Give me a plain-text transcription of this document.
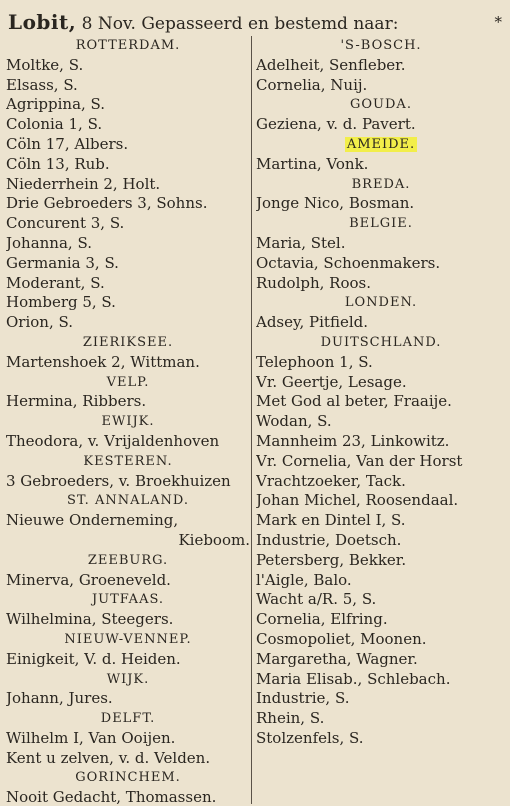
Lobit, 8 Nov. Gepasseerd en bestemd naar:	*
ROTTERDAM.
Moltke, S.
Elsass, S.
Agrippina, S.
Colonia 1, S.
Cöln 17, Albers.
Cöln 13, Rub.
Niederrhein 2, Holt.
Drie Gebroeders 3, Sohns.
Concurent 3, S.
Johanna, S.
Germania 3, S.
Moderant, S.
Homberg 5, S.
Orion, S.
ZIERIKSEE.
Martenshoek 2, Wittman.
VELP.
Hermina, Ribbers.
EWIJK.
Theodora, v. Vrijaldenhoven
KESTEREN.
3 Gebroeders, v. Broekhuizen
ST. ANNALAND.
Nieuwe Onderneming,
Kieboom.
ZEEBURG.
Minerva, Groeneveld.
JUTFAAS.
Wilhelmina, Steegers.
NIEUW-VENNEP.
Einigkeit, V. d. Heiden.
WIJK.
Johann, Jures.
DELFT.
Wilhelm I, Van Ooijen.
Kent u zelven, v. d. Velden.
GORINCHEM.
Nooit Gedacht, Thomassen.
'S-BOSCH.
Adelheit, Senfleber.
Cornelia, Nuij.
GOUDA.
Geziena, v. d. Pavert.
AMEIDE.
Martina, Vonk.
BREDA.
Jonge Nico, Bosman.
BELGIE.
Maria, Stel.
Octavia, Schoenmakers.
Rudolph, Roos.
LONDEN.
Adsey, Pitfield.
DUITSCHLAND.
Telephoon 1, S.
Vr. Geertje, Lesage.
Met God al beter, Fraaije.
Wodan, S.
Mannheim 23, Linkowitz.
Vr. Cornelia, Van der Horst
Vrachtzoeker, Tack.
Johan Michel, Roosendaal.
Mark en Dintel I, S.
Industrie, Doetsch.
Petersberg, Bekker.
l'Aigle, Balo.
Wacht a/R. 5, S.
Cornelia, Elfring.
Cosmopoliet, Moonen.
Margaretha, Wagner.
Maria Elisab., Schlebach.
Industrie, S.
Rhein, S.
Stolzenfels, S.
